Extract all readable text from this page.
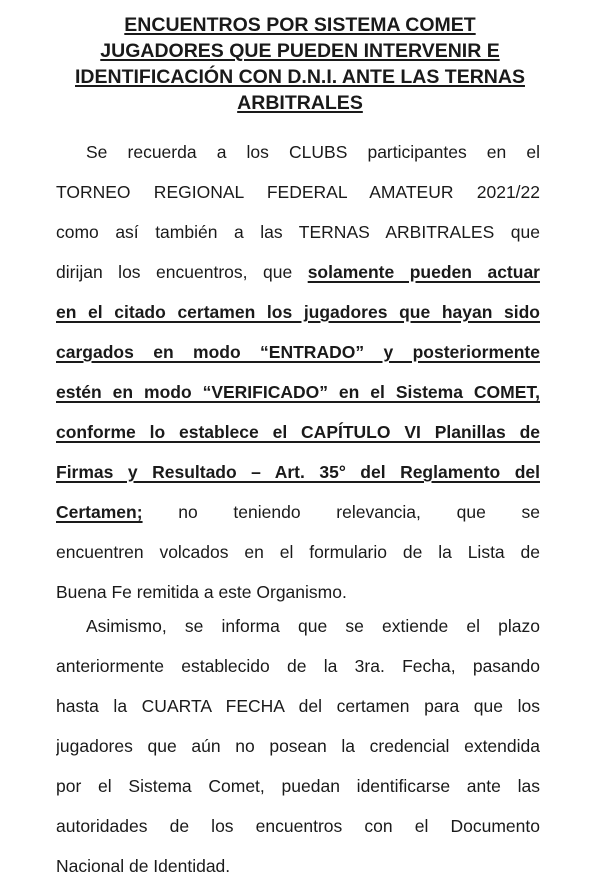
ENCUENTROS POR SISTEMA COMET
JUGADORES QUE PUEDEN INTERVENIR E
IDENTIFICACIÓN CON D.N.I. ANTE LAS TERNAS
ARBITRALES
Se recuerda a los CLUBS participantes en el
TORNEO REGIONAL FEDERAL AMATEUR 2021/22
como así también a las TERNAS ARBITRALES que
dirijan los encuentros, que solamente pueden actuar
en el citado certamen los jugadores que hayan sido
cargados en modo “ENTRADO” y posteriormente
estén en modo “VERIFICADO” en el Sistema COMET,
conforme lo establece el CAPÍTULO VI Planillas de
Firmas y Resultado – Art. 35° del Reglamento del
Certamen; no teniendo relevancia, que se
encuentren volcados en el formulario de la Lista de
Buena Fe remitida a este Organismo.
Asimismo, se informa que se extiende el plazo
anteriormente establecido de la 3ra. Fecha, pasando
hasta la CUARTA FECHA del certamen para que los
jugadores que aún no posean la credencial extendida
por el Sistema Comet, puedan identificarse ante las
autoridades de los encuentros con el Documento
Nacional de Identidad.
